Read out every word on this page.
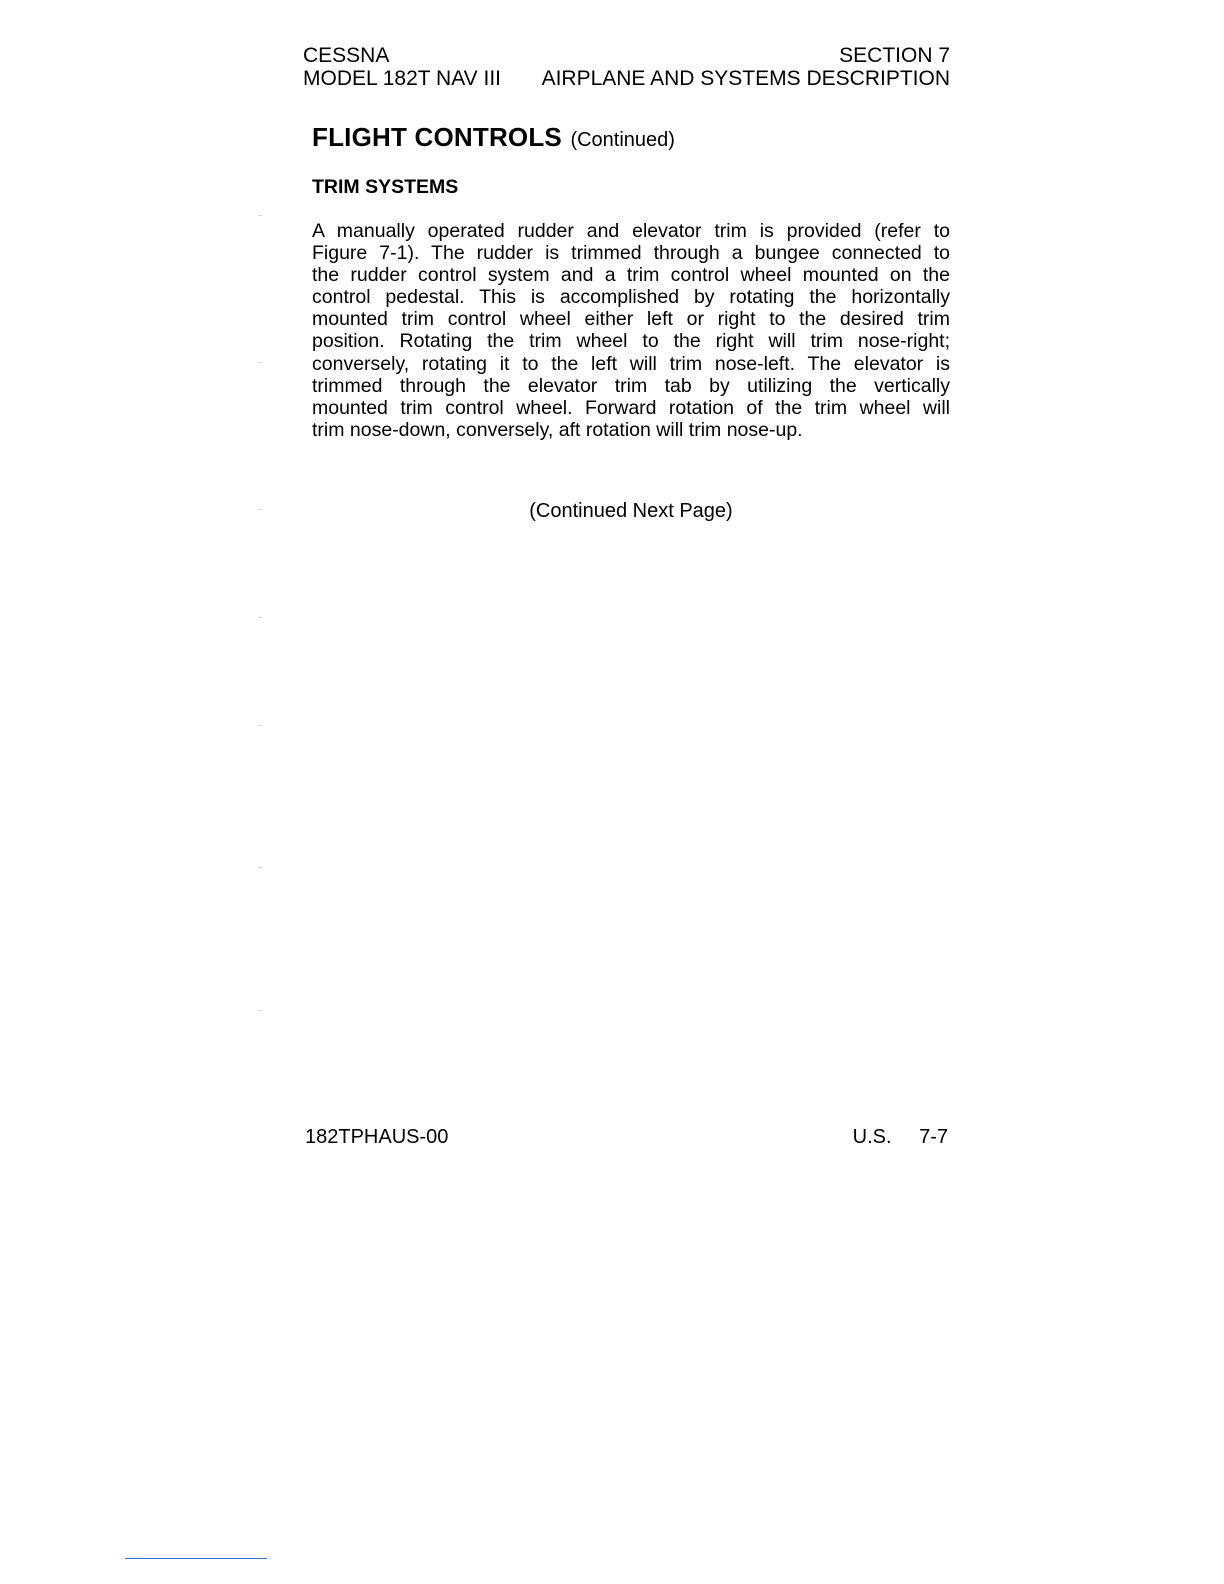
CESSNA
MODEL 182T NAV III
SECTION 7
AIRPLANE AND SYSTEMS DESCRIPTION
FLIGHT CONTROLS (Continued)
TRIM SYSTEMS
A manually operated rudder and elevator trim is provided (refer to
Figure 7-1). The rudder is trimmed through a bungee connected to
the rudder control system and a trim control wheel mounted on the
control pedestal. This is accomplished by rotating the horizontally
mounted trim control wheel either left or right to the desired trim
position. Rotating the trim wheel to the right will trim nose-right;
conversely, rotating it to the left will trim nose-left. The elevator is
trimmed through the elevator trim tab by utilizing the vertically
mounted trim control wheel. Forward rotation of the trim wheel will
trim nose-down, conversely, aft rotation will trim nose-up.
(Continued Next Page)
182TPHAUS-00	U.S. 7-7
